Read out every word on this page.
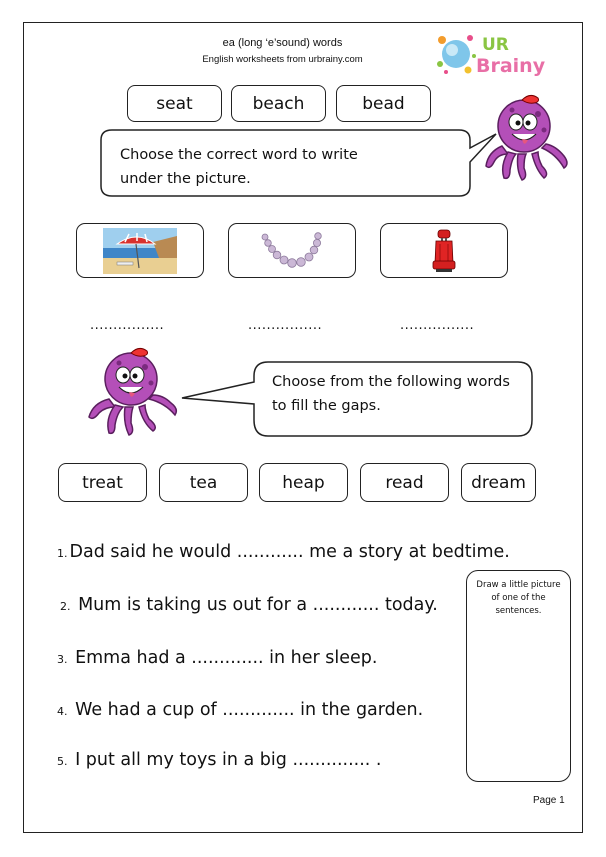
ea (long ‘e’sound) words
English worksheets from urbrainy.com
UR
Brainy
seat	beach	bead
Choose the correct word to write
under the picture.
................	................	................
Choose from the following words
to fill the gaps.
treat	tea	heap	read	dream
1. Dad said he would ............ me a story at bedtime.
2. Mum is taking us out for a ............ today.
3. Emma had a ............. in her sleep.
4. We had a cup of ............. in the garden.
5. I put all my toys in a big .............. .
Draw a little picture of one of the sentences.
Page 1
